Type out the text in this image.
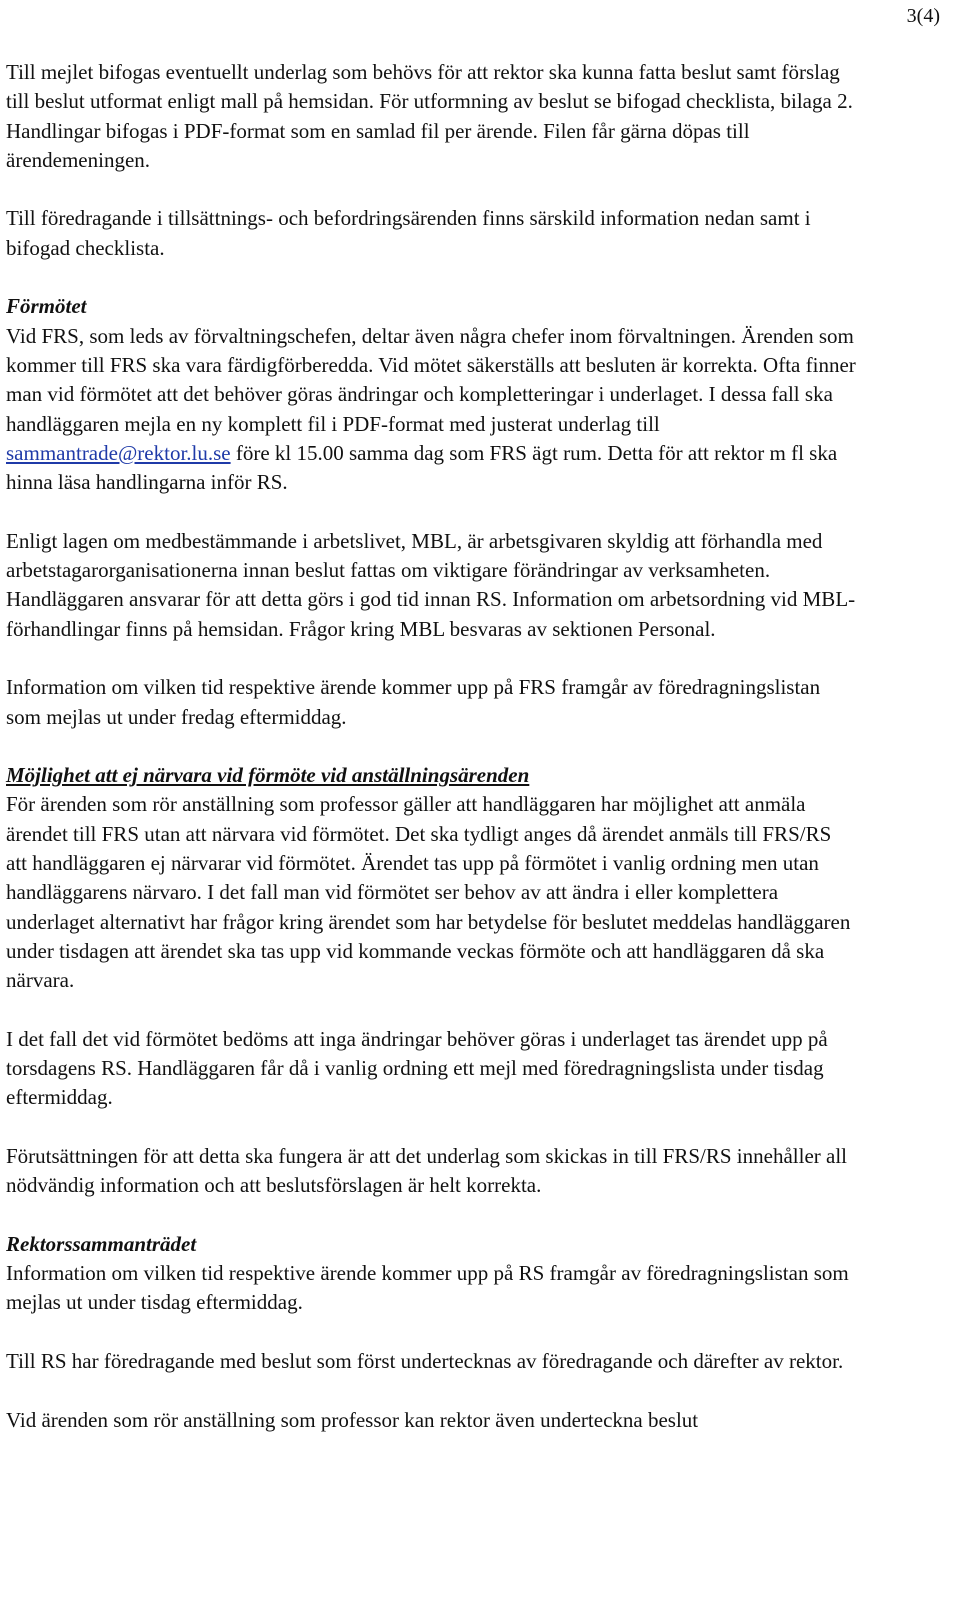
3(4)

Till mejlet bifogas eventuellt underlag som behövs för att rektor ska kunna fatta beslut samt förslag till beslut utformat enligt mall på hemsidan. För utformning av beslut se bifogad checklista, bilaga 2. Handlingar bifogas i PDF-format som en samlad fil per ärende. Filen får gärna döpas till ärendemeningen.

Till föredragande i tillsättnings- och befordringsärenden finns särskild information nedan samt i bifogad checklista.

Förmötet
Vid FRS, som leds av förvaltningschefen, deltar även några chefer inom förvaltningen. Ärenden som kommer till FRS ska vara färdigförberedda. Vid mötet säkerställs att besluten är korrekta. Ofta finner man vid förmötet att det behöver göras ändringar och kompletteringar i underlaget. I dessa fall ska handläggaren mejla en ny komplett fil i PDF-format med justerat underlag till sammantrade@rektor.lu.se före kl 15.00 samma dag som FRS ägt rum. Detta för att rektor m fl ska hinna läsa handlingarna inför RS.

Enligt lagen om medbestämmande i arbetslivet, MBL, är arbetsgivaren skyldig att förhandla med arbetstagarorganisationerna innan beslut fattas om viktigare förändringar av verksamheten. Handläggaren ansvarar för att detta görs i god tid innan RS. Information om arbetsordning vid MBL-förhandlingar finns på hemsidan. Frågor kring MBL besvaras av sektionen Personal.

Information om vilken tid respektive ärende kommer upp på FRS framgår av föredragningslistan som mejlas ut under fredag eftermiddag.

Möjlighet att ej närvara vid förmöte vid anställningsärenden
För ärenden som rör anställning som professor gäller att handläggaren har möjlighet att anmäla ärendet till FRS utan att närvara vid förmötet. Det ska tydligt anges då ärendet anmäls till FRS/RS att handläggaren ej närvarar vid förmötet. Ärendet tas upp på förmötet i vanlig ordning men utan handläggarens närvaro. I det fall man vid förmötet ser behov av att ändra i eller komplettera underlaget alternativt har frågor kring ärendet som har betydelse för beslutet meddelas handläggaren under tisdagen att ärendet ska tas upp vid kommande veckas förmöte och att handläggaren då ska närvara.

I det fall det vid förmötet bedöms att inga ändringar behöver göras i underlaget tas ärendet upp på torsdagens RS. Handläggaren får då i vanlig ordning ett mejl med föredragningslista under tisdag eftermiddag.

Förutsättningen för att detta ska fungera är att det underlag som skickas in till FRS/RS innehåller all nödvändig information och att beslutsförslagen är helt korrekta.

Rektorssammanträdet
Information om vilken tid respektive ärende kommer upp på RS framgår av föredragningslistan som mejlas ut under tisdag eftermiddag.

Till RS har föredragande med beslut som först undertecknas av föredragande och därefter av rektor.

Vid ärenden som rör anställning som professor kan rektor även underteckna beslut
